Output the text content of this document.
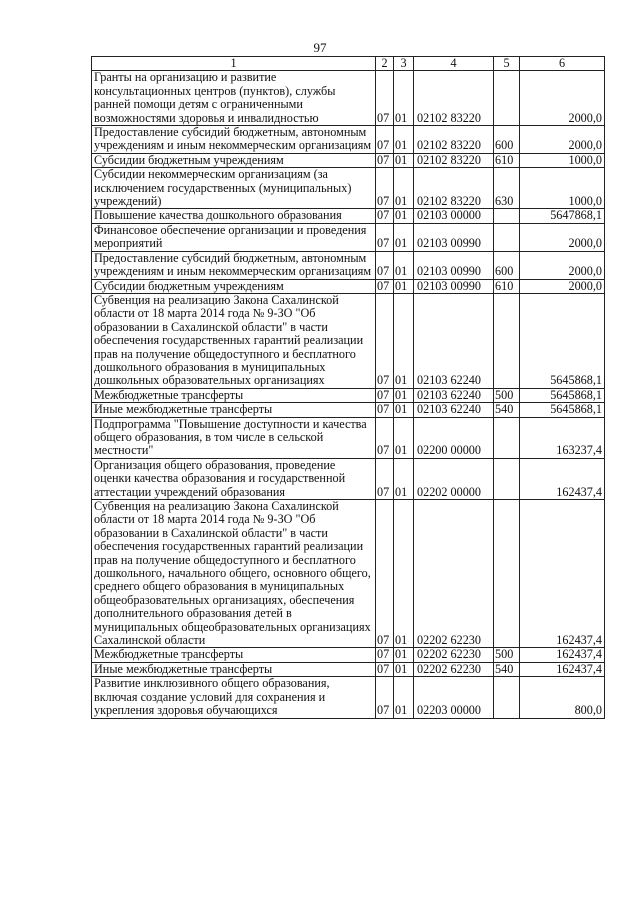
97
1	2	3	4	5	6
Гранты на организацию и развитие консультационных центров (пунктов), службы ранней помощи детям с ограниченными возможностями здоровья и инвалидностью	07	01	02102 83220		2000,0
Предоставление субсидий бюджетным, автономным учреждениям и иным некоммерческим организациям	07	01	02102 83220	600	2000,0
Субсидии бюджетным учреждениям	07	01	02102 83220	610	1000,0
Субсидии некоммерческим организациям (за исключением государственных (муниципальных) учреждений)	07	01	02102 83220	630	1000,0
Повышение качества дошкольного образования	07	01	02103 00000		5647868,1
Финансовое обеспечение организации и проведения мероприятий	07	01	02103 00990		2000,0
Предоставление субсидий бюджетным, автономным учреждениям и иным некоммерческим организациям	07	01	02103 00990	600	2000,0
Субсидии бюджетным учреждениям	07	01	02103 00990	610	2000,0
Субвенция на реализацию Закона Сахалинской области от 18 марта 2014 года № 9-ЗО "Об образовании в Сахалинской области" в части обеспечения государственных гарантий реализации прав на получение общедоступного и бесплатного дошкольного образования в муниципальных дошкольных образовательных организациях	07	01	02103 62240		5645868,1
Межбюджетные трансферты	07	01	02103 62240	500	5645868,1
Иные межбюджетные трансферты	07	01	02103 62240	540	5645868,1
Подпрограмма "Повышение доступности и качества общего образования, в том числе в сельской местности"	07	01	02200 00000		163237,4
Организация общего образования, проведение оценки качества образования и государственной аттестации учреждений образования	07	01	02202 00000		162437,4
Субвенция на реализацию Закона Сахалинской области от 18 марта 2014 года № 9-ЗО "Об образовании в Сахалинской области" в части обеспечения государственных гарантий реализации прав на получение общедоступного и бесплатного дошкольного, начального общего, основного общего, среднего общего образования в муниципальных общеобразовательных организациях, обеспечения дополнительного образования детей в муниципальных общеобразовательных организациях Сахалинской области	07	01	02202 62230		162437,4
Межбюджетные трансферты	07	01	02202 62230	500	162437,4
Иные межбюджетные трансферты	07	01	02202 62230	540	162437,4
Развитие инклюзивного общего образования, включая создание условий для сохранения и укрепления здоровья обучающихся	07	01	02203 00000		800,0
